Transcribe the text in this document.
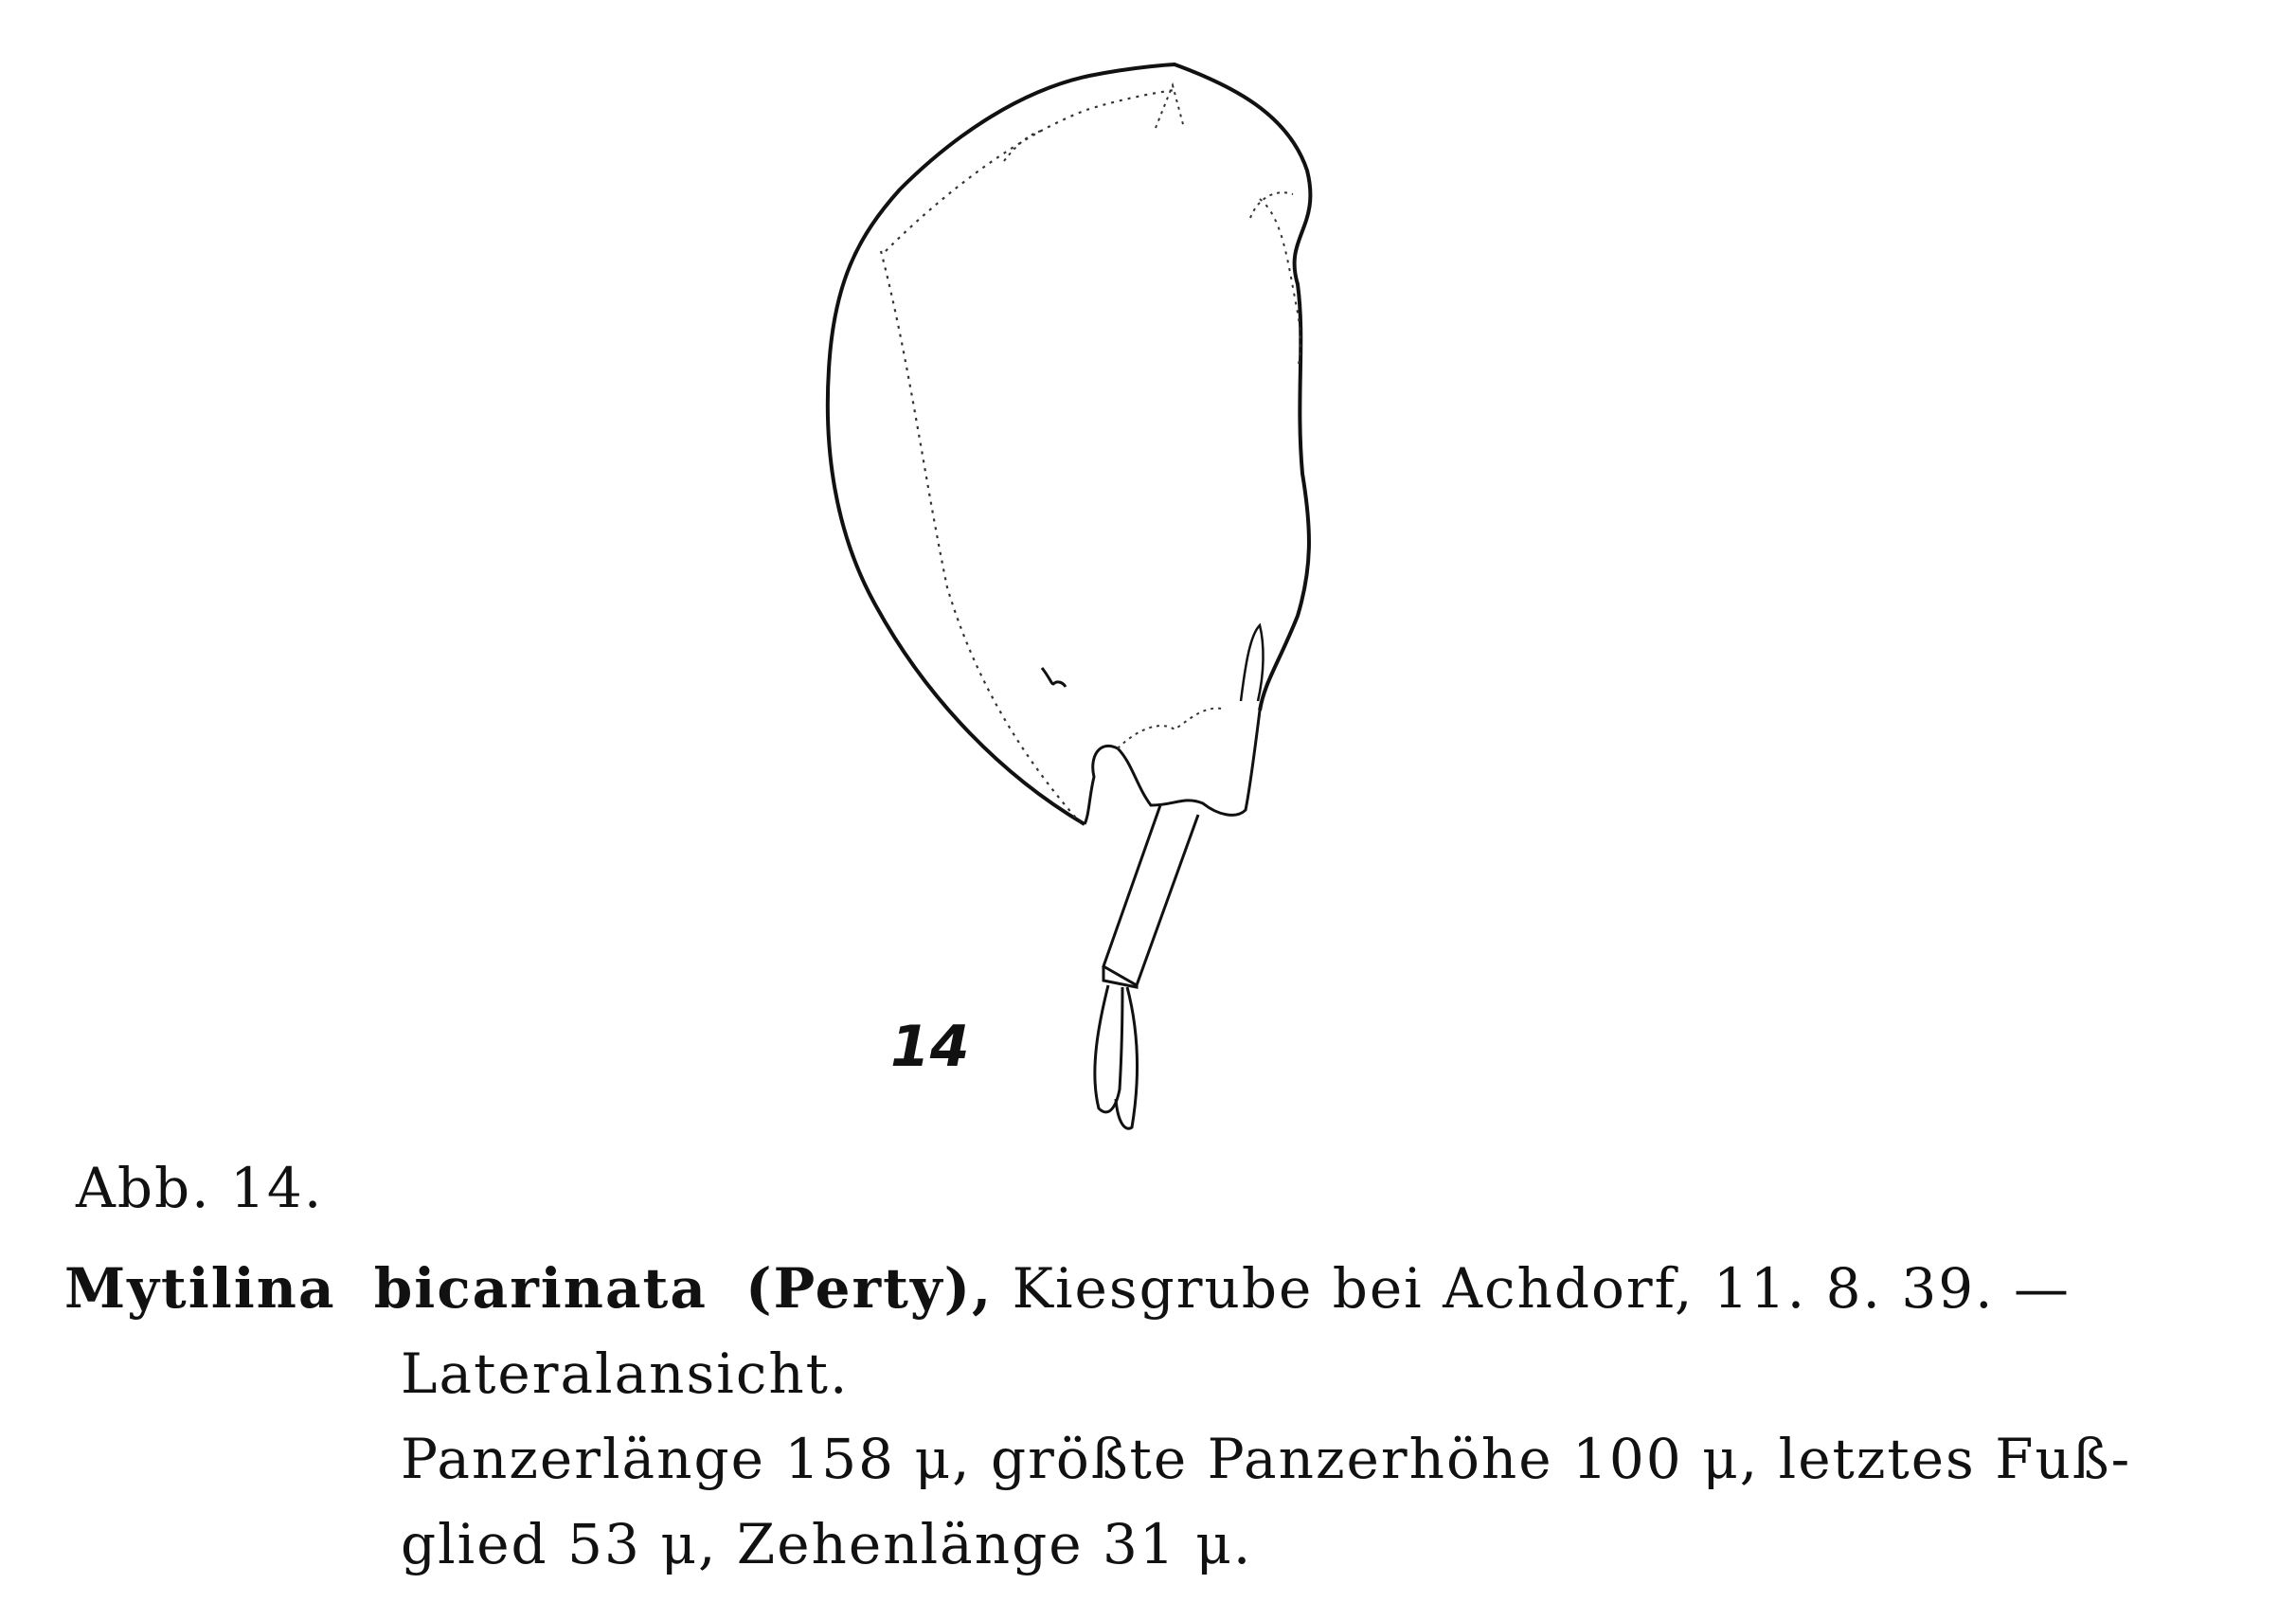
14
Abb. 14.
Mytilina bicarinata (Perty), Kiesgrube bei Achdorf, 11. 8. 39. —
Lateralansicht.
Panzerlänge 158 μ, größte Panzerhöhe 100 μ, letztes Fuß-
glied 53 μ, Zehenlänge 31 μ.
